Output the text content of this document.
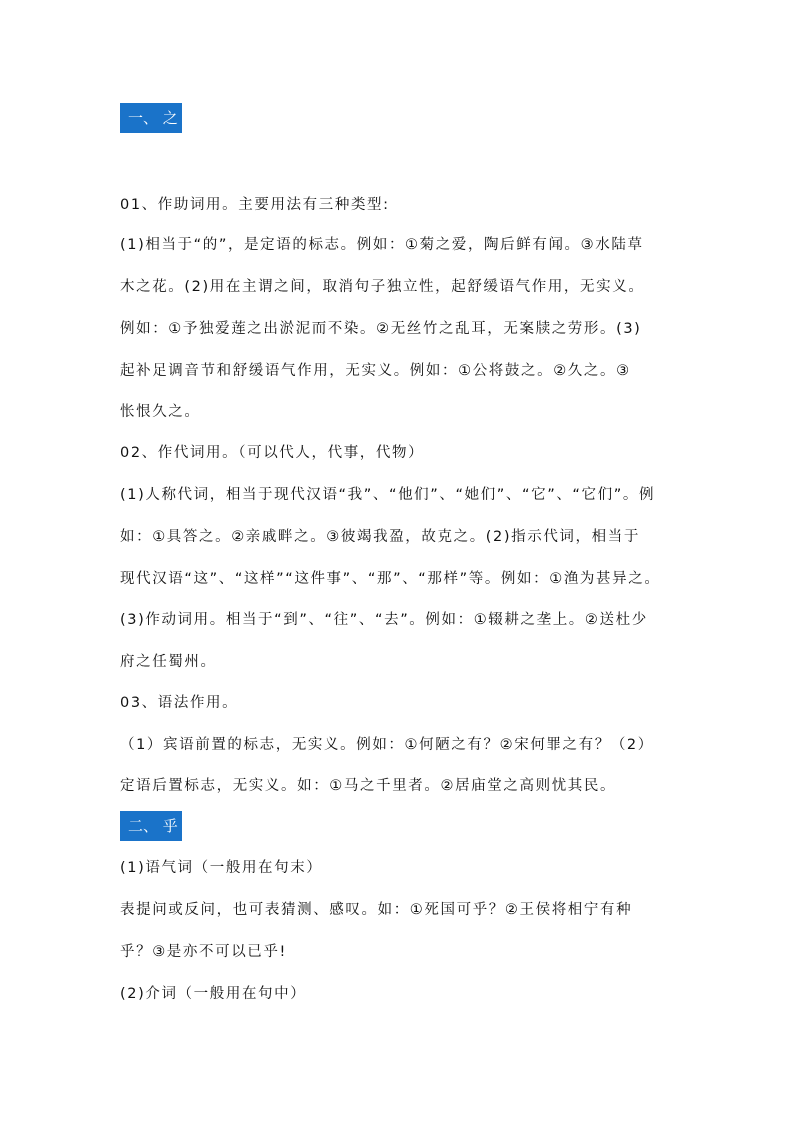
一、 之
01、作助词用。主要用法有三种类型:
(1)相当于“的”，是定语的标志。例如：①菊之爱，陶后鲜有闻。③水陆草
木之花。(2)用在主谓之间，取消句子独立性，起舒缓语气作用，无实义。
例如：①予独爱莲之出淤泥而不染。②无丝竹之乱耳，无案牍之劳形。(3)
起补足调音节和舒缓语气作用，无实义。例如：①公将鼓之。②久之。③
怅恨久之。
02、作代词用。（可以代人，代事，代物）
(1)人称代词，相当于现代汉语“我”、“他们”、“她们”、“它”、“它们”。例
如：①具答之。②亲戚畔之。③彼竭我盈，故克之。(2)指示代词，相当于
现代汉语“这”、“这样”“这件事”、“那”、“那样”等。例如：①渔为甚异之。
(3)作动词用。相当于“到”、“往”、“去”。例如：①辍耕之垄上。②送杜少
府之任蜀州。
03、语法作用。
（1）宾语前置的标志，无实义。例如：①何陋之有？②宋何罪之有？（2）
定语后置标志，无实义。如：①马之千里者。②居庙堂之高则忧其民。
二、 乎
(1)语气词（一般用在句末）
表提问或反问，也可表猜测、感叹。如：①死国可乎？②王侯将相宁有种
乎？③是亦不可以已乎!
(2)介词（一般用在句中）
